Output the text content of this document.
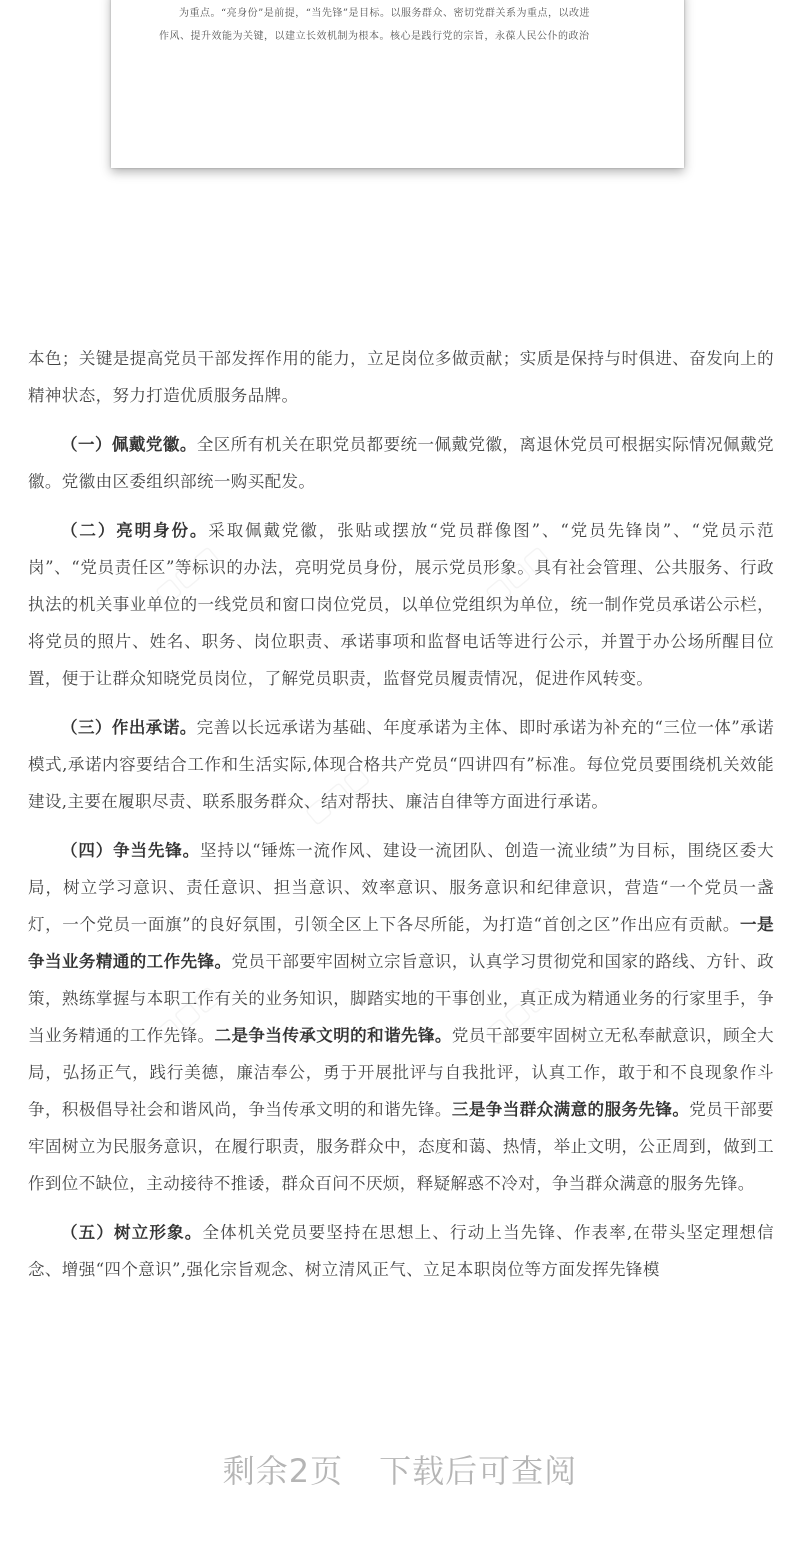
为重点。“亮身份”是前提，“当先锋”是目标。以服务群众、密切党群关系为重点，以改进
作风、提升效能为关键，以建立长效机制为根本。核心是践行党的宗旨，永葆人民公仆的政治

本色；关键是提高党员干部发挥作用的能力，立足岗位多做贡献；实质是保持与时俱进、奋发向上的精神状态，努力打造优质服务品牌。

（一）佩戴党徽。全区所有机关在职党员都要统一佩戴党徽，离退休党员可根据实际情况佩戴党徽。党徽由区委组织部统一购买配发。

（二）亮明身份。采取佩戴党徽，张贴或摆放“党员群像图”、“党员先锋岗”、“党员示范岗”、“党员责任区”等标识的办法，亮明党员身份，展示党员形象。具有社会管理、公共服务、行政执法的机关事业单位的一线党员和窗口岗位党员，以单位党组织为单位，统一制作党员承诺公示栏，将党员的照片、姓名、职务、岗位职责、承诺事项和监督电话等进行公示，并置于办公场所醒目位置，便于让群众知晓党员岗位，了解党员职责，监督党员履责情况，促进作风转变。

（三）作出承诺。完善以长远承诺为基础、年度承诺为主体、即时承诺为补充的“三位一体”承诺模式,承诺内容要结合工作和生活实际,体现合格共产党员“四讲四有”标准。每位党员要围绕机关效能建设,主要在履职尽责、联系服务群众、结对帮扶、廉洁自律等方面进行承诺。

（四）争当先锋。坚持以“锤炼一流作风、建设一流团队、创造一流业绩”为目标，围绕区委大局，树立学习意识、责任意识、担当意识、效率意识、服务意识和纪律意识，营造“一个党员一盏灯，一个党员一面旗”的良好氛围，引领全区上下各尽所能，为打造“首创之区”作出应有贡献。一是争当业务精通的工作先锋。党员干部要牢固树立宗旨意识，认真学习贯彻党和国家的路线、方针、政策，熟练掌握与本职工作有关的业务知识，脚踏实地的干事创业，真正成为精通业务的行家里手，争当业务精通的工作先锋。二是争当传承文明的和谐先锋。党员干部要牢固树立无私奉献意识，顾全大局，弘扬正气，践行美德，廉洁奉公，勇于开展批评与自我批评，认真工作，敢于和不良现象作斗争，积极倡导社会和谐风尚，争当传承文明的和谐先锋。三是争当群众满意的服务先锋。党员干部要牢固树立为民服务意识，在履行职责，服务群众中，态度和蔼、热情，举止文明，公正周到，做到工作到位不缺位，主动接待不推诿，群众百问不厌烦，释疑解惑不冷对，争当群众满意的服务先锋。

（五）树立形象。全体机关党员要坚持在思想上、行动上当先锋、作表率,在带头坚定理想信念、增强“四个意识”,强化宗旨观念、树立清风正气、立足本职岗位等方面发挥先锋模

剩余2页 下载后可查阅
